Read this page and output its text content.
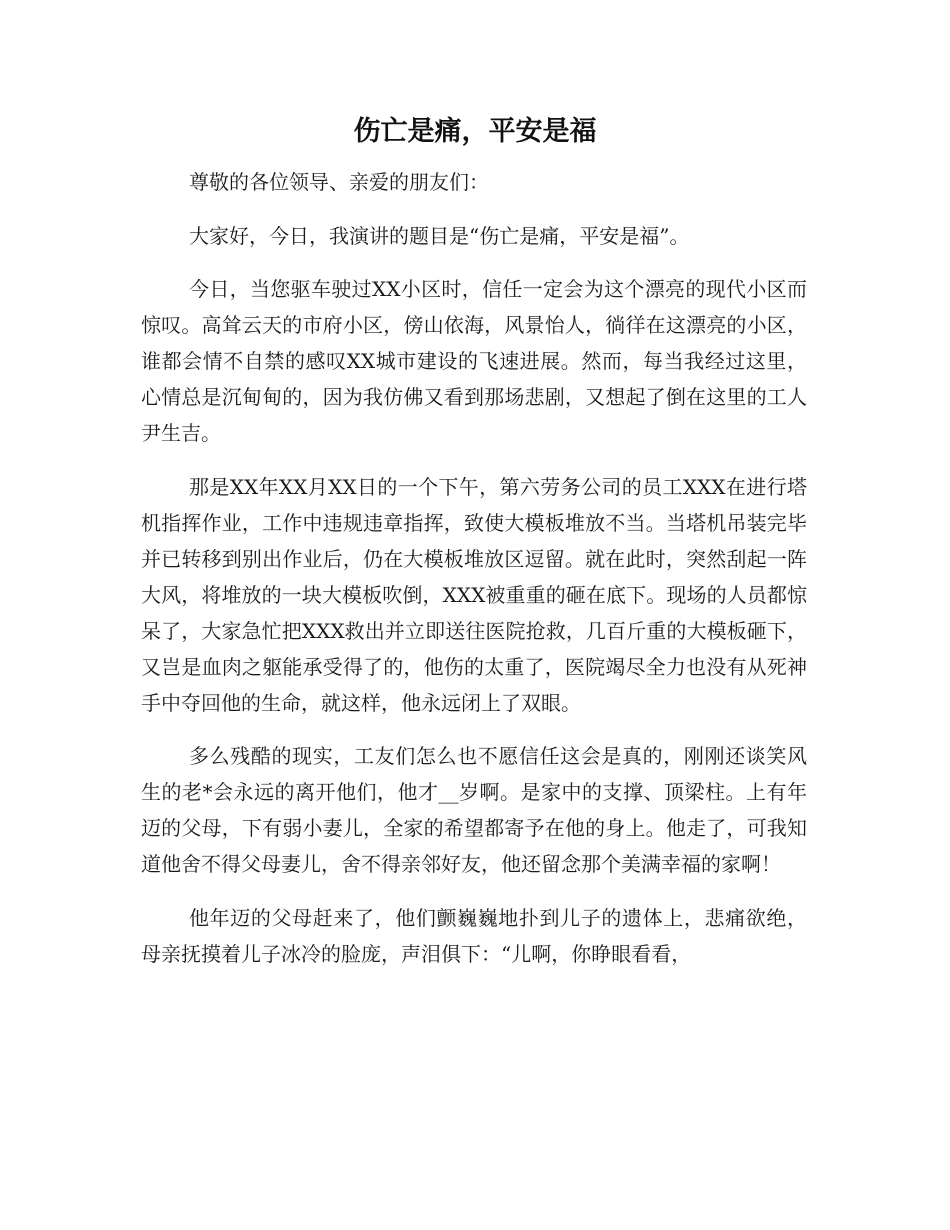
伤亡是痛，平安是福

尊敬的各位领导、亲爱的朋友们：

大家好，今日，我演讲的题目是“伤亡是痛，平安是福”。

今日，当您驱车驶过XX小区时，信任一定会为这个漂亮的现代小区而惊叹。高耸云天的市府小区，傍山依海，风景怡人，徜徉在这漂亮的小区，谁都会情不自禁的感叹XX城市建设的飞速进展。然而，每当我经过这里，心情总是沉甸甸的，因为我仿佛又看到那场悲剧，又想起了倒在这里的工人尹生吉。

那是XX年XX月XX日的一个下午，第六劳务公司的员工XXX在进行塔机指挥作业，工作中违规违章指挥，致使大模板堆放不当。当塔机吊装完毕并已转移到别出作业后，仍在大模板堆放区逗留。就在此时，突然刮起一阵大风，将堆放的一块大模板吹倒，XXX被重重的砸在底下。现场的人员都惊呆了，大家急忙把XXX救出并立即送往医院抢救，几百斤重的大模板砸下，又岂是血肉之躯能承受得了的，他伤的太重了，医院竭尽全力也没有从死神手中夺回他的生命，就这样，他永远闭上了双眼。

多么残酷的现实，工友们怎么也不愿信任这会是真的，刚刚还谈笑风生的老*会永远的离开他们，他才__岁啊。是家中的支撑、顶梁柱。上有年迈的父母，下有弱小妻儿，全家的希望都寄予在他的身上。他走了，可我知道他舍不得父母妻儿，舍不得亲邻好友，他还留念那个美满幸福的家啊！

他年迈的父母赶来了，他们颤巍巍地扑到儿子的遗体上，悲痛欲绝，母亲抚摸着儿子冰冷的脸庞，声泪俱下：“儿啊，你睁眼看看，
